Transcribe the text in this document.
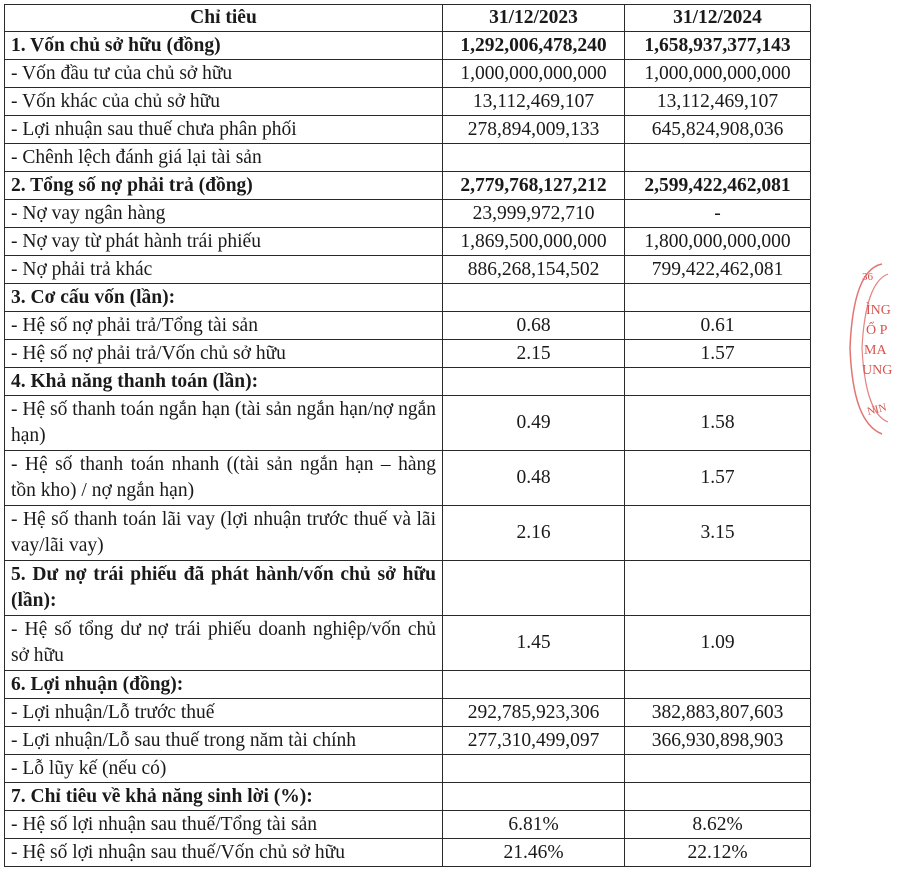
Chỉ tiêu	31/12/2023	31/12/2024
1. Vốn chủ sở hữu (đồng)	1,292,006,478,240	1,658,937,377,143
- Vốn đầu tư của chủ sở hữu	1,000,000,000,000	1,000,000,000,000
- Vốn khác của chủ sở hữu	13,112,469,107	13,112,469,107
- Lợi nhuận sau thuế chưa phân phối	278,894,009,133	645,824,908,036
- Chênh lệch đánh giá lại tài sản		
2. Tổng số nợ phải trả (đồng)	2,779,768,127,212	2,599,422,462,081
- Nợ vay ngân hàng	23,999,972,710	-
- Nợ vay từ phát hành trái phiếu	1,869,500,000,000	1,800,000,000,000
- Nợ phải trả khác	886,268,154,502	799,422,462,081
3. Cơ cấu vốn (lần):		
- Hệ số nợ phải trả/Tổng tài sản	0.68	0.61
- Hệ số nợ phải trả/Vốn chủ sở hữu	2.15	1.57
4. Khả năng thanh toán (lần):		
- Hệ số thanh toán ngắn hạn (tài sản ngắn hạn/nợ ngắn hạn)	0.49	1.58
- Hệ số thanh toán nhanh ((tài sản ngắn hạn – hàng tồn kho) / nợ ngắn hạn)	0.48	1.57
- Hệ số thanh toán lãi vay (lợi nhuận trước thuế và lãi vay/lãi vay)	2.16	3.15
5. Dư nợ trái phiếu đã phát hành/vốn chủ sở hữu (lần):		
- Hệ số tổng dư nợ trái phiếu doanh nghiệp/vốn chủ sở hữu	1.45	1.09
6. Lợi nhuận (đồng):		
- Lợi nhuận/Lỗ trước thuế	292,785,923,306	382,883,807,603
- Lợi nhuận/Lỗ sau thuế trong năm tài chính	277,310,499,097	366,930,898,903
- Lỗ lũy kế (nếu có)		
7. Chỉ tiêu về khả năng sinh lời (%):		
- Hệ số lợi nhuận sau thuế/Tổng tài sản	6.81%	8.62%
- Hệ số lợi nhuận sau thuế/Vốn chủ sở hữu	21.46%	22.12%
36
ÌNG
Ổ P
MA
UNG
NIN
